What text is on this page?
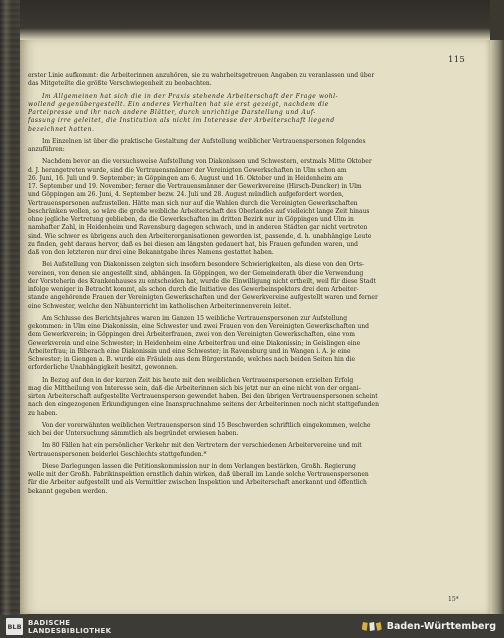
115
erster Linie aufkommt: die Arbeiterinnen anzuhören, sie zu wahrheitsgetreuen Angaben zu veranlassen und über
das Mitgeteilte die größte Verschwiegenheit zu beobachten.
Im Allgemeinen hat sich die in der Praxis stehende Arbeiterschaft der Frage wohl-
wollend gegenübergestellt. Ein anderes Verhalten hat sie erst gezeigt, nachdem die
Parteipresse und ihr nach andere Blätter, durch unrichtige Darstellung und Auf-
fassung irre geleitet, die Institution als nicht im Interesse der Arbeiterschaft liegend
bezeichnet hatten.
Im Einzelnen ist über die praktische Gestaltung der Aufstellung weiblicher Vertrauenspersonen folgendes
anzuführen:
Nachdem bevor an die versuchsweise Aufstellung von Diakonissen und Schwestern, erstmals Mitte Oktober
d. J. herangetreten wurde, sind die Vertrauensmänner der Vereinigten Gewerkschaften in Ulm schon am
26. Juni, 16. Juli und 9. September; in Göppingen am 6. August und 16. Oktober und in Heidenheim am
17. September und 19. November; ferner die Vertrauensmänner der Gewerkvereine (Hirsch-Duncker) in Ulm
und Göppingen am 26. Juni, 4. September bezw. 24. Juli und 28. August mündlich aufgefordert worden,
Vertrauenspersonen aufzustellen. Hätte man sich nur auf die Wahlen durch die Vereinigten Gewerkschaften
beschränken wollen, so wäre die große weibliche Arbeiterschaft des Oberlandes auf vielleicht lange Zeit hinaus
ohne jegliche Vertretung geblieben, da die Gewerkschaften im dritten Bezirk nur in Göppingen und Ulm in
namhafter Zahl, in Heidenheim und Ravensburg dagegen schwach, und in anderen Städten gar nicht vertreten
sind. Wie schwer es übrigens auch den Arbeiterorganisationen geworden ist, passende, d. h. unabhängige Leute
zu finden, geht daraus hervor, daß es bei diesen am längsten gedauert hat, bis Frauen gefunden waren, und
daß von den letzteren nur drei eine Bekanntgabe ihres Namens gestattet haben.
Bei Aufstellung von Diakonissen zeigten sich insofern besondere Schwierigkeiten, als diese von den Orts-
vereinen, von denen sie angestellt sind, abhängen. In Göppingen, wo der Gemeinderath über die Verwendung
der Vorsteherin des Krankenhauses zu entscheiden hat, wurde die Einwilligung nicht ertheilt, weil für diese Stadt
infolge weniger in Betracht kommt, als schon durch die Initiative des Gewerbeinspektors drei dem Arbeiter-
stande angehörende Frauen der Vereinigten Gewerkschaften und der Gewerkvereine aufgestellt waren und ferner
eine Schwester, welche den Nähunterricht im katholischen Arbeiterinnenverein leitet.
Am Schlusse des Berichtsjahres waren im Ganzen 15 weibliche Vertrauenspersonen zur Aufstellung
gekommen: in Ulm eine Diakonissin, eine Schwester und zwei Frauen von den Vereinigten Gewerkschaften und
dem Gewerkverein; in Göppingen drei Arbeiterfrauen, zwei von den Vereinigten Gewerkschaften, eine vom
Gewerkverein und eine Schwester; in Heidenheim eine Arbeiterfrau und eine Diakonissin; in Geislingen eine
Arbeiterfrau; in Biberach eine Diakonissin und eine Schwester; in Ravensburg und in Wangen i. A. je eine
Schwester; in Giengen a. B. wurde ein Fräulein aus dem Bürgerstande, welches nach beiden Seiten hin die
erforderliche Unabhängigkeit besitzt, gewonnen.
In Bezug auf den in der kurzen Zeit bis heute mit den weiblichen Vertrauenspersonen erzielten Erfolg
mag die Mittheilung von Interesse sein, daß die Arbeiterinnen sich bis jetzt nur an eine nicht von der organi-
sirten Arbeiterschaft aufgestellte Vertrauensperson gewendet haben. Bei den übrigen Vertrauenspersonen scheint
nach den eingezogenen Erkundigungen eine Inanspruchnahme seitens der Arbeiterinnen noch nicht stattgefunden
zu haben.
Von der vorerwähnten weiblichen Vertrauensperson sind 15 Beschwerden schriftlich eingekommen, welche
sich bei der Untersuchung sämmtlich als begründet erwiesen haben.
Im 80 Fällen hat ein persönlicher Verkehr mit den Vertretern der verschiedenen Arbeitervereine und mit
Vertrauenspersonen beiderlei Geschlechts stattgefunden.*
Diese Darlegungen lassen die Petitionskommission nur in dem Verlangen bestärken, Großh. Regierung
wolle mit der Großh. Fabrikinspektion ernstlich dahin wirken, daß überall im Lande solche Vertrauenspersonen
für die Arbeiter aufgestellt und als Vermittler zwischen Inspektion und Arbeiterschaft anerkannt und öffentlich
bekannt gegeben werden.
15*
BLB BADISCHE
LANDESBIBLIOTHEK	Baden-Württemberg
